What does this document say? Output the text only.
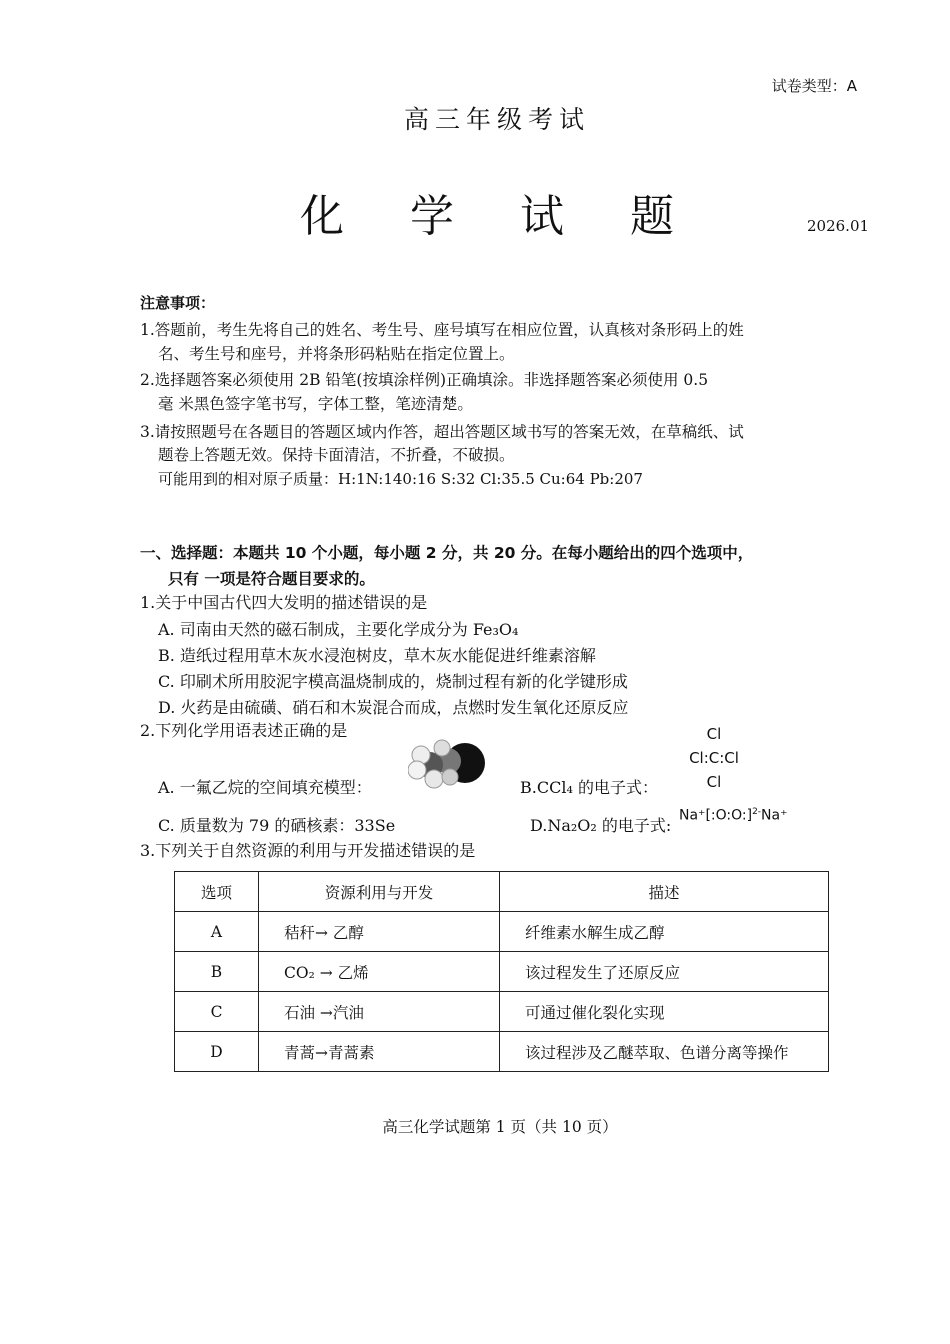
试卷类型：A
高三年级考试
化 学 试 题	2026.01
注意事项：
1.答题前，考生先将自己的姓名、考生号、座号填写在相应位置，认真核对条形码上的姓
名、考生号和座号，并将条形码粘贴在指定位置上。
2.选择题答案必须使用 2B 铅笔(按填涂样例)正确填涂。非选择题答案必须使用 0.5
毫 米黑色签字笔书写，字体工整，笔迹清楚。
3.请按照题号在各题目的答题区域内作答，超出答题区域书写的答案无效，在草稿纸、试
题卷上答题无效。保持卡面清洁，不折叠，不破损。
可能用到的相对原子质量：H:1N:140:16 S:32 Cl:35.5 Cu:64 Pb:207
一、选择题：本题共 10 个小题，每小题 2 分，共 20 分。在每小题给出的四个选项中，
只有 一项是符合题目要求的。
1.关于中国古代四大发明的描述错误的是
A. 司南由天然的磁石制成，主要化学成分为 Fe₃O₄
B. 造纸过程用草木灰水浸泡树皮，草木灰水能促进纤维素溶解
C. 印刷术所用胶泥字模高温烧制成的，烧制过程有新的化学键形成
D. 火药是由硫磺、硝石和木炭混合而成，点燃时发生氧化还原反应
2.下列化学用语表述正确的是
A. 一氟乙烷的空间填充模型：	B.CCl₄ 的电子式：
Cl
Cl:C:Cl
Cl
C. 质量数为 79 的硒核素：33Se	D.Na₂O₂ 的电子式:
Na⁺[:O:O:]$^{2-}$Na⁺
3.下列关于自然资源的利用与开发描述错误的是
选项	资源利用与开发	描述
A	秸秆→ 乙醇	纤维素水解生成乙醇
B	CO₂ → 乙烯	该过程发生了还原反应
C	石油 →汽油	可通过催化裂化实现
D	青蒿→青蒿素	该过程涉及乙醚萃取、色谱分离等操作
高三化学试题第 1 页（共 10 页）
